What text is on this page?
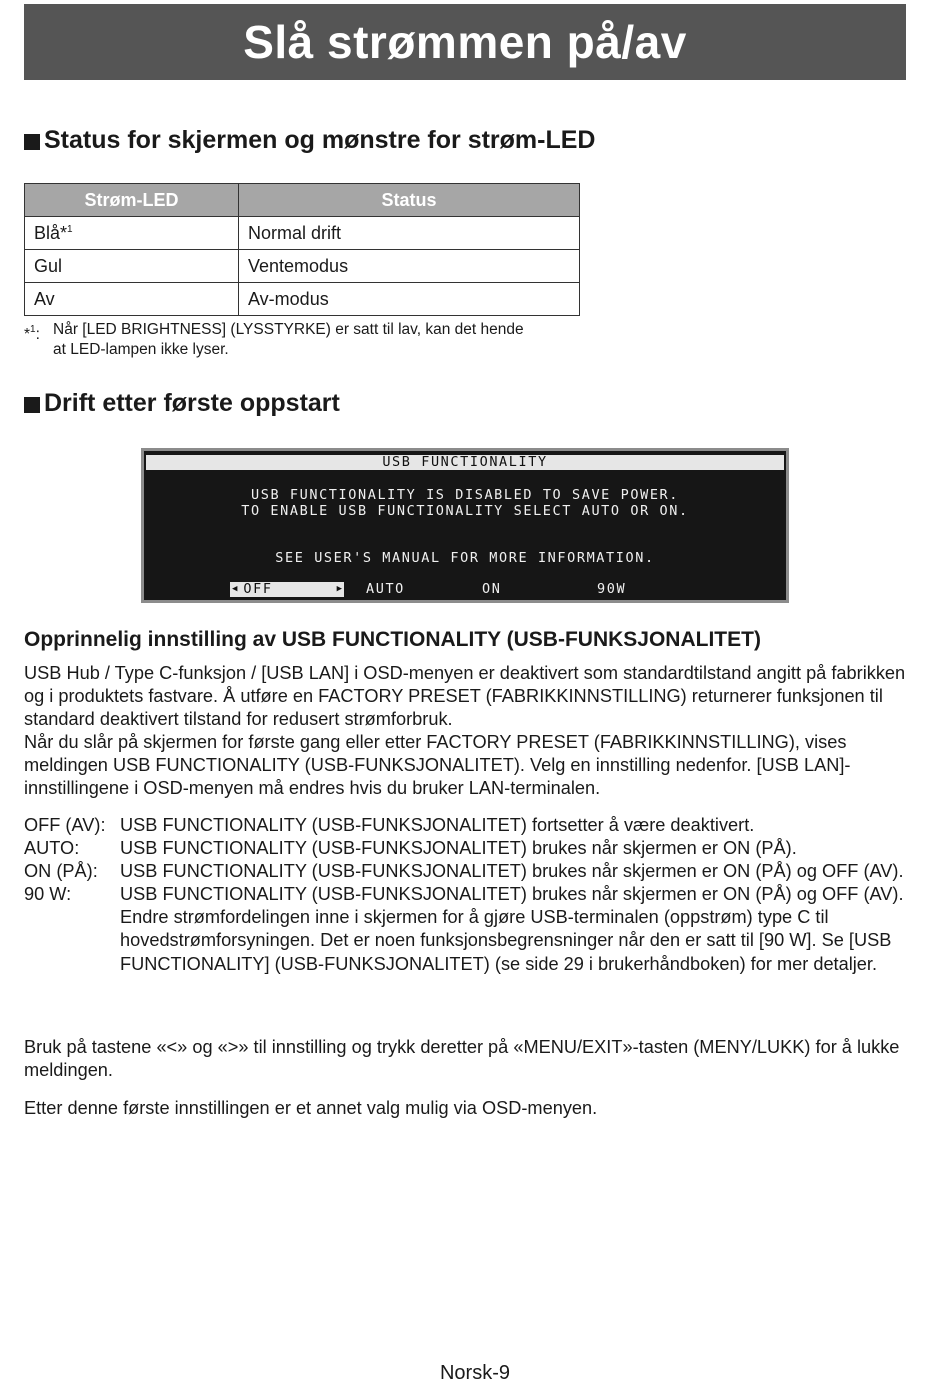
Slå strømmen på/av
Status for skjermen og mønstre for strøm-LED
Strøm-LED	Status
Blå*$^1$	Normal drift
Gul	Ventemodus
Av	Av-modus
*$^1$: Når [LED BRIGHTNESS] (LYSSTYRKE) er satt til lav, kan det hende
at LED-lampen ikke lyser.
Drift etter første oppstart
USB FUNCTIONALITY
USB FUNCTIONALITY IS DISABLED TO SAVE POWER.
TO ENABLE USB FUNCTIONALITY SELECT AUTO OR ON.
SEE USER'S MANUAL FOR MORE INFORMATION.
◀ OFF	▶ AUTO	ON	90W
Opprinnelig innstilling av USB FUNCTIONALITY (USB-FUNKSJONALITET)

USB Hub / Type C-funksjon / [USB LAN] i OSD-menyen er deaktivert som standardtilstand angitt på fabrikken og i produktets fastvare. Å utføre en FACTORY PRESET (FABRIKKINNSTILLING) returnerer funksjonen til standard deaktivert tilstand for redusert strømforbruk.

Når du slår på skjermen for første gang eller etter FACTORY PRESET (FABRIKKINNSTILLING), vises meldingen USB FUNCTIONALITY (USB-FUNKSJONALITET). Velg en innstilling nedenfor. [USB LAN]-innstillingene i OSD-menyen må endres hvis du bruker LAN-terminalen.

OFF (AV): USB FUNCTIONALITY (USB-FUNKSJONALITET) fortsetter å være deaktivert.
AUTO:	USB FUNCTIONALITY (USB-FUNKSJONALITET) brukes når skjermen er ON (PÅ).
ON (PÅ):	USB FUNCTIONALITY (USB-FUNKSJONALITET) brukes når skjermen er ON (PÅ) og OFF (AV).
90 W:	USB FUNCTIONALITY (USB-FUNKSJONALITET) brukes når skjermen er ON (PÅ) og OFF (AV). Endre strømfordelingen inne i skjermen for å gjøre USB-terminalen (oppstrøm) type C til hovedstrømforsyningen. Det er noen funksjonsbegrensninger når den er satt til [90 W]. Se [USB FUNCTIONALITY] (USB-FUNKSJONALITET) (se side 29 i brukerhåndboken) for mer detaljer.

Bruk på tastene «<» og «>» til innstilling og trykk deretter på «MENU/EXIT»-tasten (MENY/LUKK) for å lukke meldingen.

Etter denne første innstillingen er et annet valg mulig via OSD-menyen.

Norsk-9
